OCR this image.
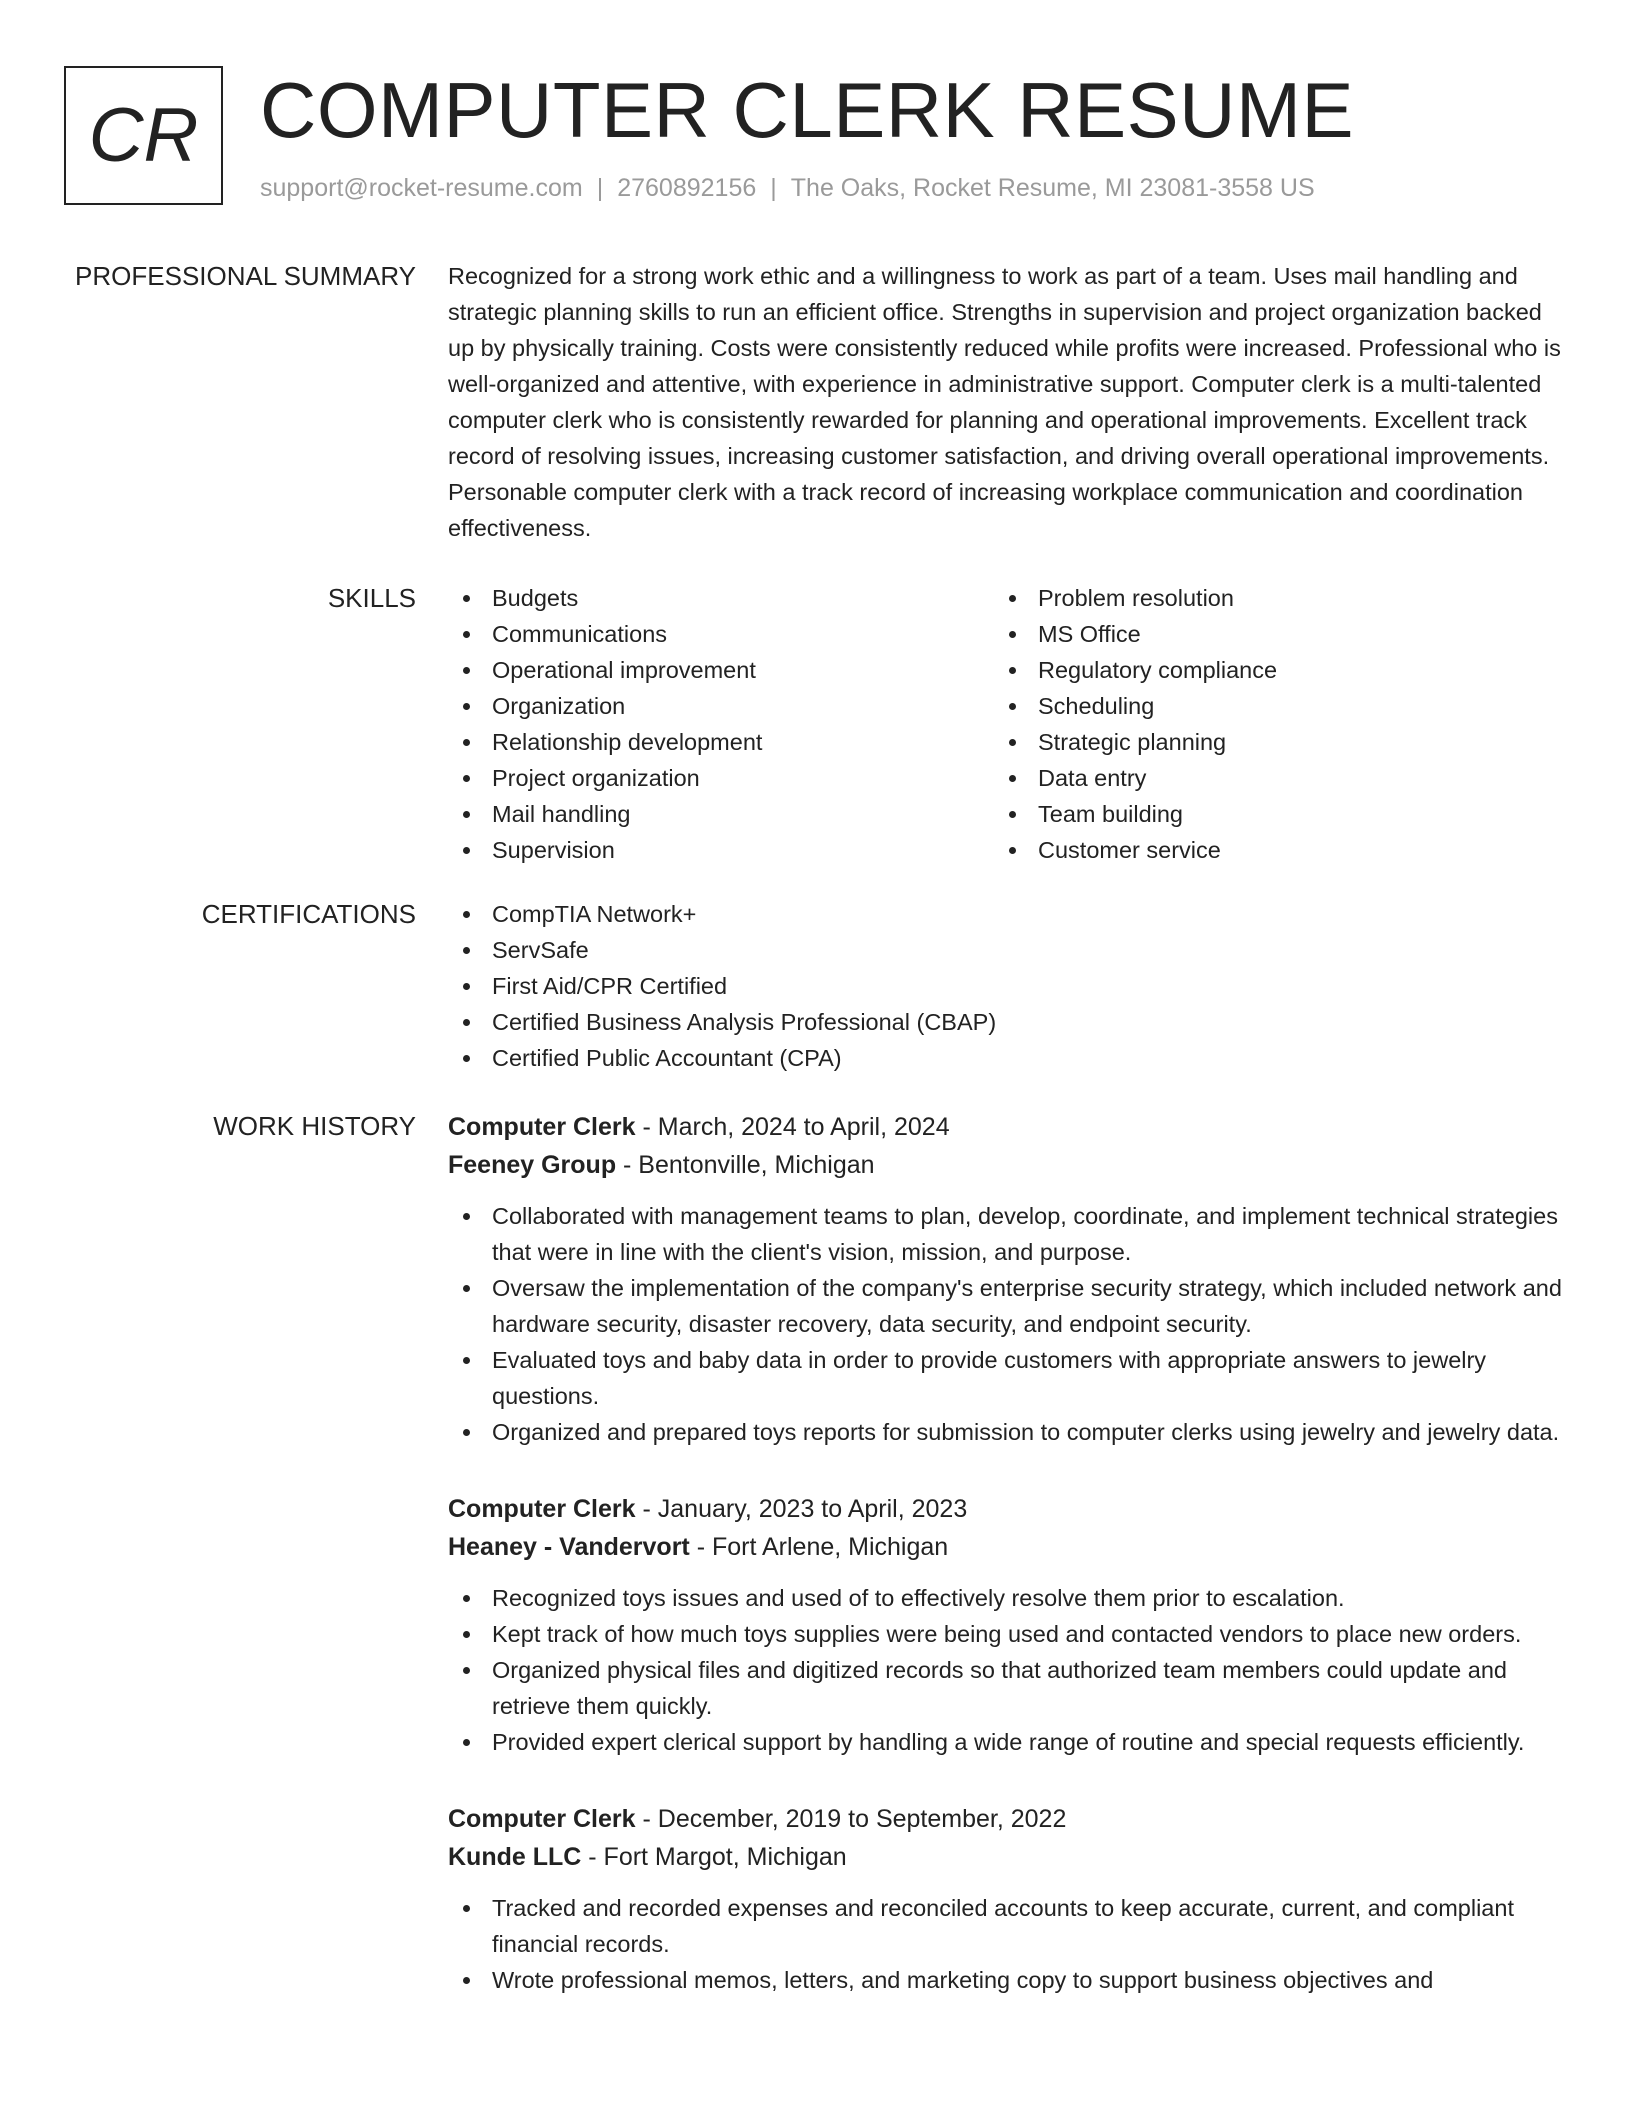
CR COMPUTER CLERK RESUME
support@rocket-resume.com | 2760892156 | The Oaks, Rocket Resume, MI 23081-3558 US
PROFESSIONAL SUMMARY Recognized for a strong work ethic and a willingness to work as part of a team. Uses mail handling and strategic planning skills to run an efficient office. Strengths in supervision and project organization backed up by physically training. Costs were consistently reduced while profits were increased. Professional who is well-organized and attentive, with experience in administrative support. Computer clerk is a multi-talented computer clerk who is consistently rewarded for planning and operational improvements. Excellent track record of resolving issues, increasing customer satisfaction, and driving overall operational improvements. Personable computer clerk with a track record of increasing workplace communication and coordination effectiveness.

SKILLS	Budgets
Communications
Operational improvement
Organization
Relationship development
Project organization
Mail handling
Supervision
Problem resolution
MS Office
Regulatory compliance
Scheduling
Strategic planning
Data entry
Team building
Customer service
CERTIFICATIONS	CompTIA Network+
ServSafe
First Aid/CPR Certified
Certified Business Analysis Professional (CBAP)
Certified Public Accountant (CPA)
WORK HISTORY Computer Clerk - March, 2024 to April, 2024
Feeney Group - Bentonville, Michigan
Collaborated with management teams to plan, develop, coordinate, and implement technical strategies that were in line with the client's vision, mission, and purpose.
Oversaw the implementation of the company's enterprise security strategy, which included network and hardware security, disaster recovery, data security, and endpoint security.
Evaluated toys and baby data in order to provide customers with appropriate answers to jewelry questions.
Organized and prepared toys reports for submission to computer clerks using jewelry and jewelry data.
Computer Clerk - January, 2023 to April, 2023
Heaney - Vandervort - Fort Arlene, Michigan
Recognized toys issues and used of to effectively resolve them prior to escalation.
Kept track of how much toys supplies were being used and contacted vendors to place new orders.
Organized physical files and digitized records so that authorized team members could update and retrieve them quickly.
Provided expert clerical support by handling a wide range of routine and special requests efficiently.
Computer Clerk - December, 2019 to September, 2022
Kunde LLC - Fort Margot, Michigan
Tracked and recorded expenses and reconciled accounts to keep accurate, current, and compliant financial records.
Wrote professional memos, letters, and marketing copy to support business objectives and
